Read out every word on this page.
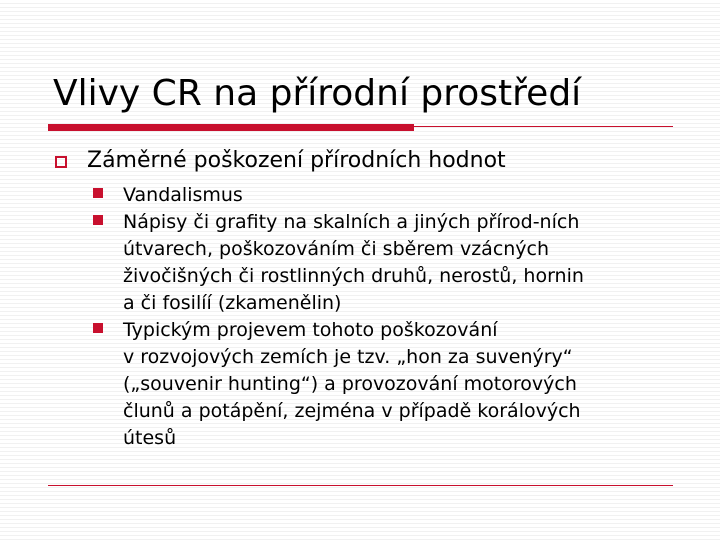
Vlivy CR na přírodní prostředí
Záměrné poškození přírodních hodnot
Vandalismus
Nápisy či grafity na skalních a jiných přírod-ních
útvarech, poškozováním či sběrem vzácných
živočišných či rostlinných druhů, nerostů, hornin
a či fosilíí (zkamenělin)
Typickým projevem tohoto poškozování
v rozvojových zemích je tzv. „hon za suvenýry“
(„souvenir hunting“) a provozování motorových
člunů a potápění, zejména v případě korálových
útesů
